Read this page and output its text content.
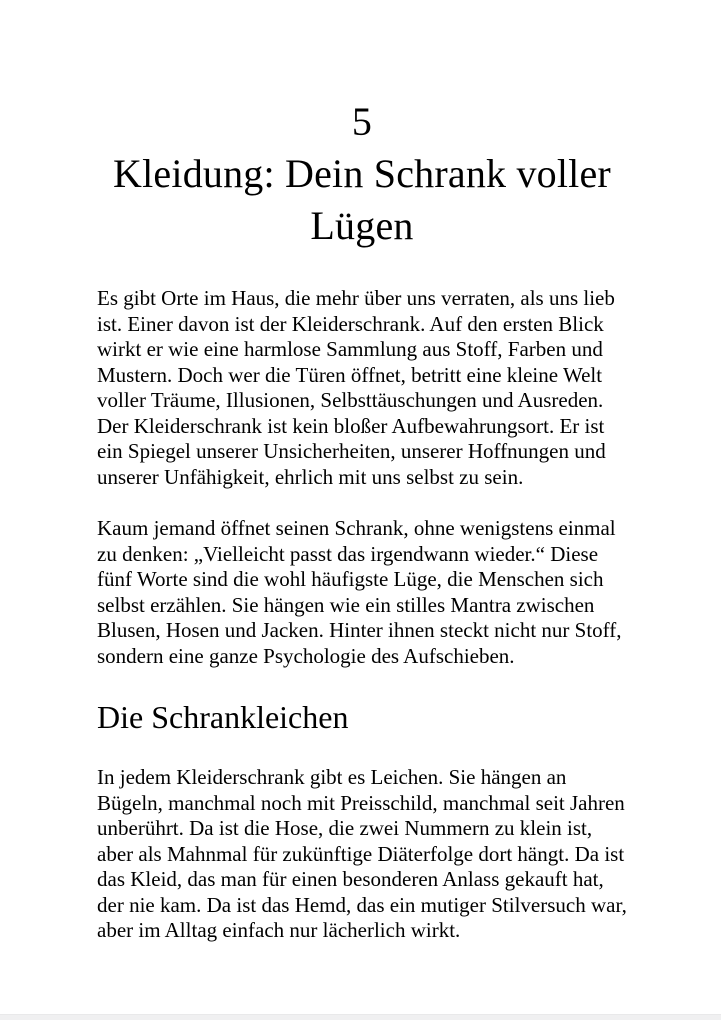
5
Kleidung: Dein Schrank voller Lügen

Es gibt Orte im Haus, die mehr über uns verraten, als uns lieb ist. Einer davon ist der Kleiderschrank. Auf den ersten Blick wirkt er wie eine harmlose Sammlung aus Stoff, Farben und Mustern. Doch wer die Türen öffnet, betritt eine kleine Welt voller Träume, Illusionen, Selbsttäuschungen und Ausreden. Der Kleiderschrank ist kein bloßer Aufbewahrungsort. Er ist ein Spiegel unserer Unsicherheiten, unserer Hoffnungen und unserer Unfähigkeit, ehrlich mit uns selbst zu sein.

Kaum jemand öffnet seinen Schrank, ohne wenigstens einmal zu denken: „Vielleicht passt das irgendwann wieder.“ Diese fünf Worte sind die wohl häufigste Lüge, die Menschen sich selbst erzählen. Sie hängen wie ein stilles Mantra zwischen Blusen, Hosen und Jacken. Hinter ihnen steckt nicht nur Stoff, sondern eine ganze Psychologie des Aufschieben.

Die Schrankleichen

In jedem Kleiderschrank gibt es Leichen. Sie hängen an Bügeln, manchmal noch mit Preisschild, manchmal seit Jahren unberührt. Da ist die Hose, die zwei Nummern zu klein ist, aber als Mahnmal für zukünftige Diäterfolge dort hängt. Da ist das Kleid, das man für einen besonderen Anlass gekauft hat, der nie kam. Da ist das Hemd, das ein mutiger Stilversuch war, aber im Alltag einfach nur lächerlich wirkt.
